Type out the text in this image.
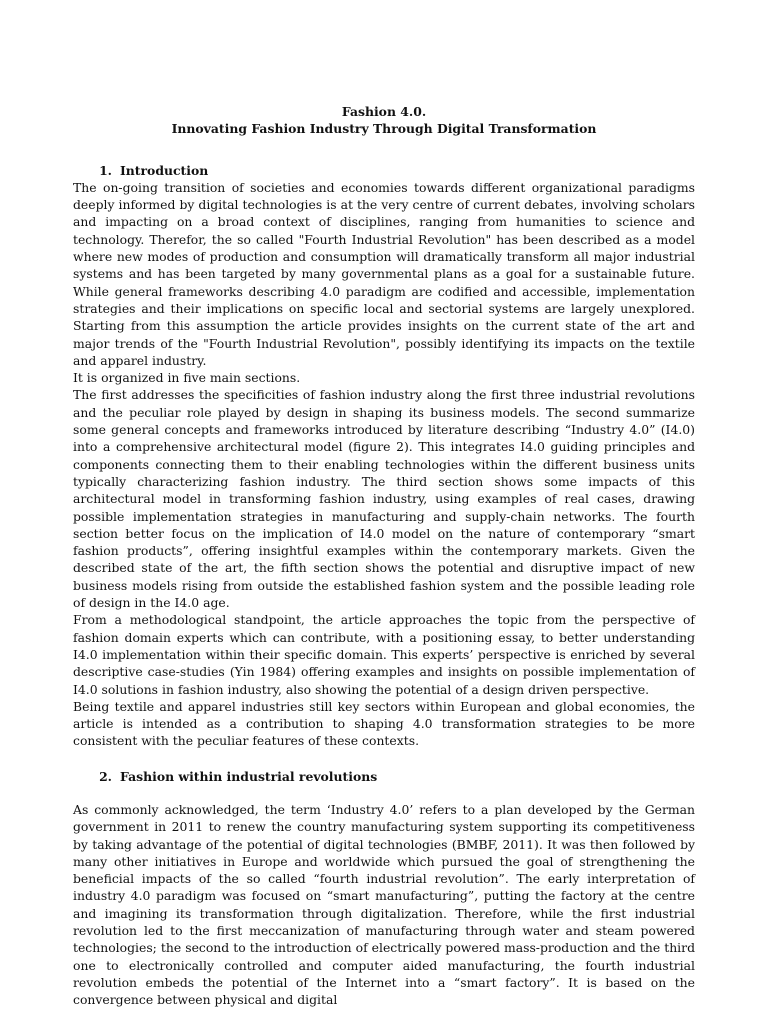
Fashion 4.0.

Innovating Fashion Industry Through Digital Transformation

1. Introduction

The on-going transition of societies and economies towards different organizational paradigms deeply informed by digital technologies is at the very centre of current debates, involving scholars and impacting on a broad context of disciplines, ranging from humanities to science and technology. Therefor, the so called "Fourth Industrial Revolution" has been described as a model where new modes of production and consumption will dramatically transform all major industrial systems and has been targeted by many governmental plans as a goal for a sustainable future. While general frameworks describing 4.0 paradigm are codified and accessible, implementation strategies and their implications on specific local and sectorial systems are largely unexplored. Starting from this assumption the article provides insights on the current state of the art and major trends of the "Fourth Industrial Revolution", possibly identifying its impacts on the textile and apparel industry.

It is organized in five main sections.

The first addresses the specificities of fashion industry along the first three industrial revolutions and the peculiar role played by design in shaping its business models. The second summarize some general concepts and frameworks introduced by literature describing “Industry 4.0” (I4.0) into a comprehensive architectural model (figure 2). This integrates I4.0 guiding principles and components connecting them to their enabling technologies within the different business units typically characterizing fashion industry. The third section shows some impacts of this architectural model in transforming fashion industry, using examples of real cases, drawing possible implementation strategies in manufacturing and supply-chain networks. The fourth section better focus on the implication of I4.0 model on the nature of contemporary “smart fashion products”, offering insightful examples within the contemporary markets. Given the described state of the art, the fifth section shows the potential and disruptive impact of new business models rising from outside the established fashion system and the possible leading role of design in the I4.0 age.

From a methodological standpoint, the article approaches the topic from the perspective of fashion domain experts which can contribute, with a positioning essay, to better understanding I4.0 implementation within their specific domain. This experts’ perspective is enriched by several descriptive case-studies (Yin 1984) offering examples and insights on possible implementation of I4.0 solutions in fashion industry, also showing the potential of a design driven perspective.

Being textile and apparel industries still key sectors within European and global economies, the article is intended as a contribution to shaping 4.0 transformation strategies to be more consistent with the peculiar features of these contexts.

2. Fashion within industrial revolutions

As commonly acknowledged, the term ‘Industry 4.0’ refers to a plan developed by the German government in 2011 to renew the country manufacturing system supporting its competitiveness by taking advantage of the potential of digital technologies (BMBF, 2011). It was then followed by many other initiatives in Europe and worldwide which pursued the goal of strengthening the beneficial impacts of the so called “fourth industrial revolution”. The early interpretation of industry 4.0 paradigm was focused on “smart manufacturing”, putting the factory at the centre and imagining its transformation through digitalization. Therefore, while the first industrial revolution led to the first meccanization of manufacturing through water and steam powered technologies; the second to the introduction of electrically powered mass-production and the third one to electronically controlled and computer aided manufacturing, the fourth industrial revolution embeds the potential of the Internet into a “smart factory”. It is based on the convergence between physical and digital
